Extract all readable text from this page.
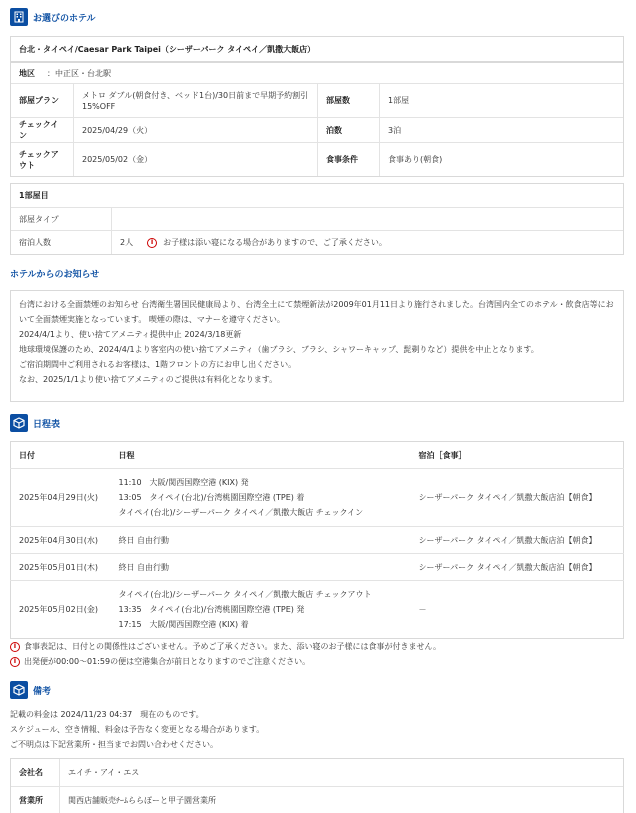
お選びのホテル
台北・タイペイ/Caesar Park Taipei（シーザーパーク タイペイ／凱撒大飯店）
地区 ：中正区・台北駅
部屋プラン
メトロ ダブル(朝食付き、ベッド1台)/30日前まで早期予約割引15%OFF
部屋数	1部屋
チェックイン
2025/04/29（火）	泊数	3泊
チェックアウト
2025/05/02（金）	食事条件	食事あり(朝食)
1部屋目
部屋タイプ
宿泊人数	2人	i	お子様は添い寝になる場合がありますので、ご了承ください。
ホテルからのお知らせ
台湾における全面禁煙のお知らせ 台湾衛生署国民健康局より、台湾全土にて禁煙新法が2009年01月11日より施行されました。台湾国内全てのホテル・飲食店等にお
いて全面禁煙実施となっています。 喫煙の際は、マナーを遵守ください。
2024/4/1より、使い捨てアメニティ提供中止 2024/3/18更新
地球環境保護のため、2024/4/1より客室内の使い捨てアメニティ（歯ブラシ、ブラシ、シャワーキャップ、髭剃りなど）提供を中止となります。
ご宿泊期間中ご利用されるお客様は、1階フロントの方にお申し出ください。
なお、2025/1/1より使い捨てアメニティのご提供は有料化となります。
日程表
日付	日程	宿泊［食事］
2025年04月29日(火)	11:10　大阪/関西国際空港 (KIX) 発
13:05　タイペイ(台北)/台湾桃園国際空港 (TPE) 着
タイペイ(台北)/シーザーパーク タイペイ／凱撒大飯店 チェックイン	シーザーパーク タイペイ／凱撒大飯店泊【朝食】
2025年04月30日(水)	終日 自由行動	シーザーパーク タイペイ／凱撒大飯店泊【朝食】
2025年05月01日(木)	終日 自由行動	シーザーパーク タイペイ／凱撒大飯店泊【朝食】
2025年05月02日(金)	タイペイ(台北)/シーザーパーク タイペイ／凱撒大飯店 チェックアウト
13:35　タイペイ(台北)/台湾桃園国際空港 (TPE) 発
17:15　大阪/関西国際空港 (KIX) 着	－
i 食事表記は、日付との関係性はございません。予めご了承ください。また、添い寝のお子様には食事が付きません。
i 出発便が00:00～01:59の便は空港集合が前日となりますのでご注意ください。
備考
記載の料金は 2024/11/23 04:37　現在のものです。
スケジュール、空き情報、料金は予告なく変更となる場合があります。
ご不明点は下記営業所・担当までお問い合わせください。
会社名	エイチ・アイ・エス
営業所	関西店舗販売ﾁｰﾑららぽーと甲子園営業所
